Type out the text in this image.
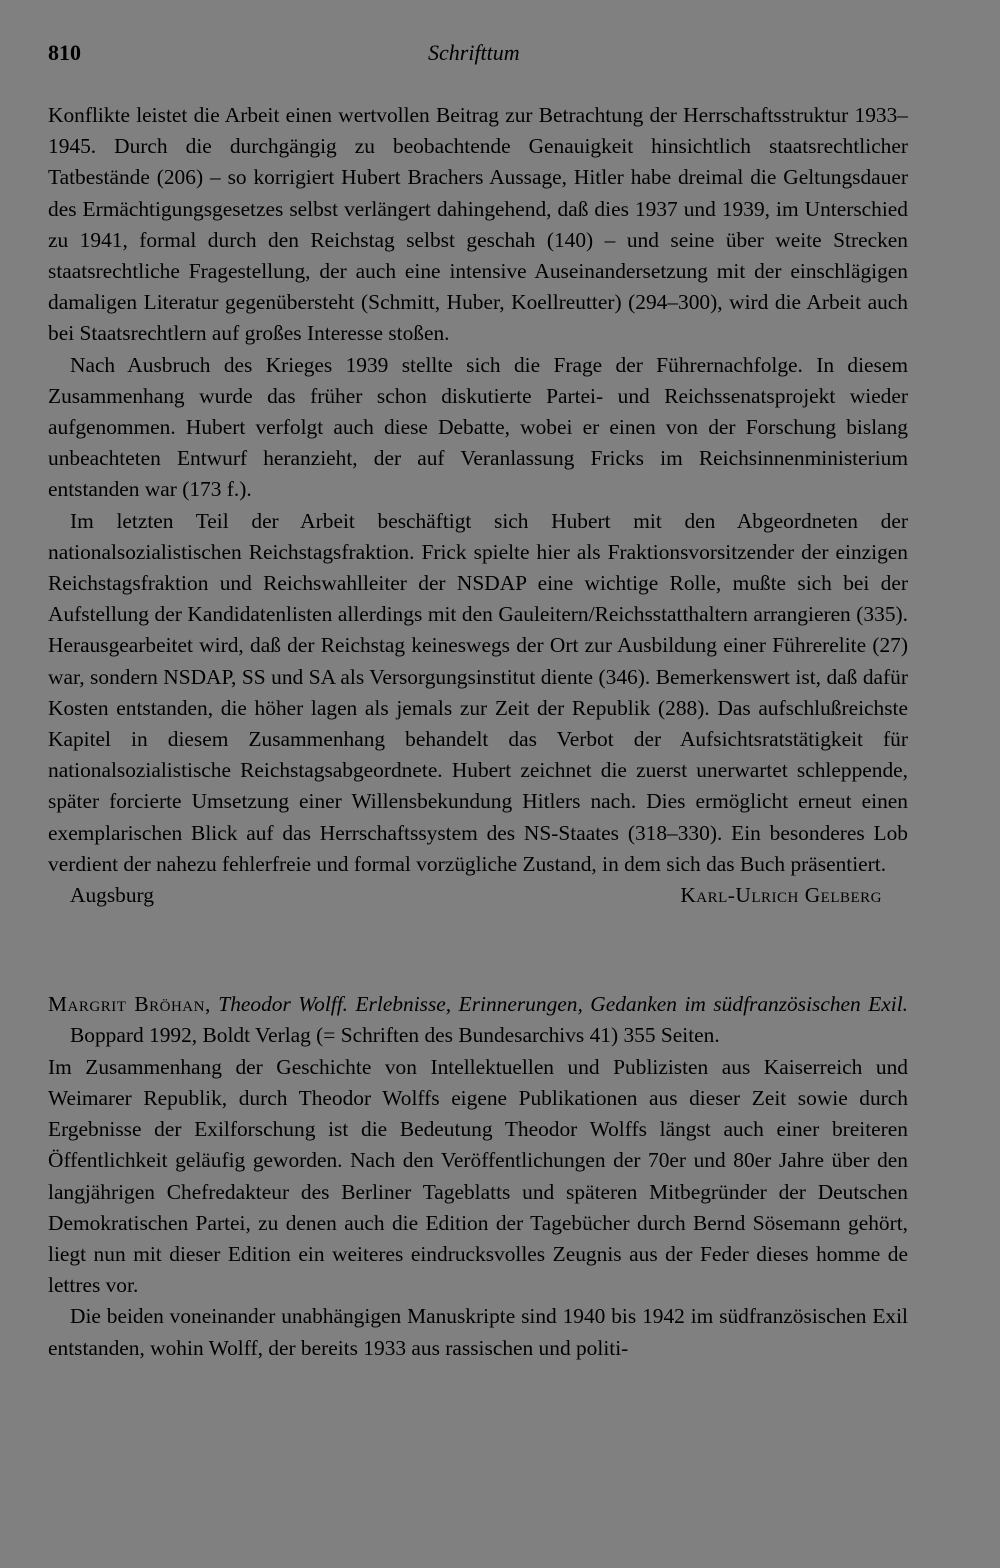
810	Schrifttum

Konflikte leistet die Arbeit einen wertvollen Beitrag zur Betrachtung der Herrschaftsstruktur 1933–1945. Durch die durchgängig zu beobachtende Genauigkeit hinsichtlich staatsrechtlicher Tatbestände (206) – so korrigiert Hubert Brachers Aussage, Hitler habe dreimal die Geltungsdauer des Ermächtigungsgesetzes selbst verlängert dahingehend, daß dies 1937 und 1939, im Unterschied zu 1941, formal durch den Reichstag selbst geschah (140) – und seine über weite Strecken staatsrechtliche Fragestellung, der auch eine intensive Auseinandersetzung mit der einschlägigen damaligen Literatur gegenübersteht (Schmitt, Huber, Koellreutter) (294–300), wird die Arbeit auch bei Staatsrechtlern auf großes Interesse stoßen.

Nach Ausbruch des Krieges 1939 stellte sich die Frage der Führernachfolge. In diesem Zusammenhang wurde das früher schon diskutierte Partei- und Reichssenatsprojekt wieder aufgenommen. Hubert verfolgt auch diese Debatte, wobei er einen von der Forschung bislang unbeachteten Entwurf heranzieht, der auf Veranlassung Fricks im Reichsinnenministerium entstanden war (173 f.).

Im letzten Teil der Arbeit beschäftigt sich Hubert mit den Abgeordneten der nationalsozialistischen Reichstagsfraktion. Frick spielte hier als Fraktionsvorsitzender der einzigen Reichstagsfraktion und Reichswahlleiter der NSDAP eine wichtige Rolle, mußte sich bei der Aufstellung der Kandidatenlisten allerdings mit den Gauleitern/Reichsstatthaltern arrangieren (335). Herausgearbeitet wird, daß der Reichstag keineswegs der Ort zur Ausbildung einer Führerelite (27) war, sondern NSDAP, SS und SA als Versorgungsinstitut diente (346). Bemerkenswert ist, daß dafür Kosten entstanden, die höher lagen als jemals zur Zeit der Republik (288). Das aufschlußreichste Kapitel in diesem Zusammenhang behandelt das Verbot der Aufsichtsratstätigkeit für nationalsozialistische Reichstagsabgeordnete. Hubert zeichnet die zuerst unerwartet schleppende, später forcierte Umsetzung einer Willensbekundung Hitlers nach. Dies ermöglicht erneut einen exemplarischen Blick auf das Herrschaftssystem des NS-Staates (318–330). Ein besonderes Lob verdient der nahezu fehlerfreie und formal vorzügliche Zustand, in dem sich das Buch präsentiert.

Augsburg	Karl-Ulrich Gelberg

Margrit Bröhan, Theodor Wolff. Erlebnisse, Erinnerungen, Gedanken im südfranzösischen Exil. Boppard 1992, Boldt Verlag (= Schriften des Bundesarchivs 41) 355 Seiten.

Im Zusammenhang der Geschichte von Intellektuellen und Publizisten aus Kaiserreich und Weimarer Republik, durch Theodor Wolffs eigene Publikationen aus dieser Zeit sowie durch Ergebnisse der Exilforschung ist die Bedeutung Theodor Wolffs längst auch einer breiteren Öffentlichkeit geläufig geworden. Nach den Veröffentlichungen der 70er und 80er Jahre über den langjährigen Chefredakteur des Berliner Tageblatts und späteren Mitbegründer der Deutschen Demokratischen Partei, zu denen auch die Edition der Tagebücher durch Bernd Sösemann gehört, liegt nun mit dieser Edition ein weiteres eindrucksvolles Zeugnis aus der Feder dieses homme de lettres vor.

Die beiden voneinander unabhängigen Manuskripte sind 1940 bis 1942 im südfranzösischen Exil entstanden, wohin Wolff, der bereits 1933 aus rassischen und politi-
